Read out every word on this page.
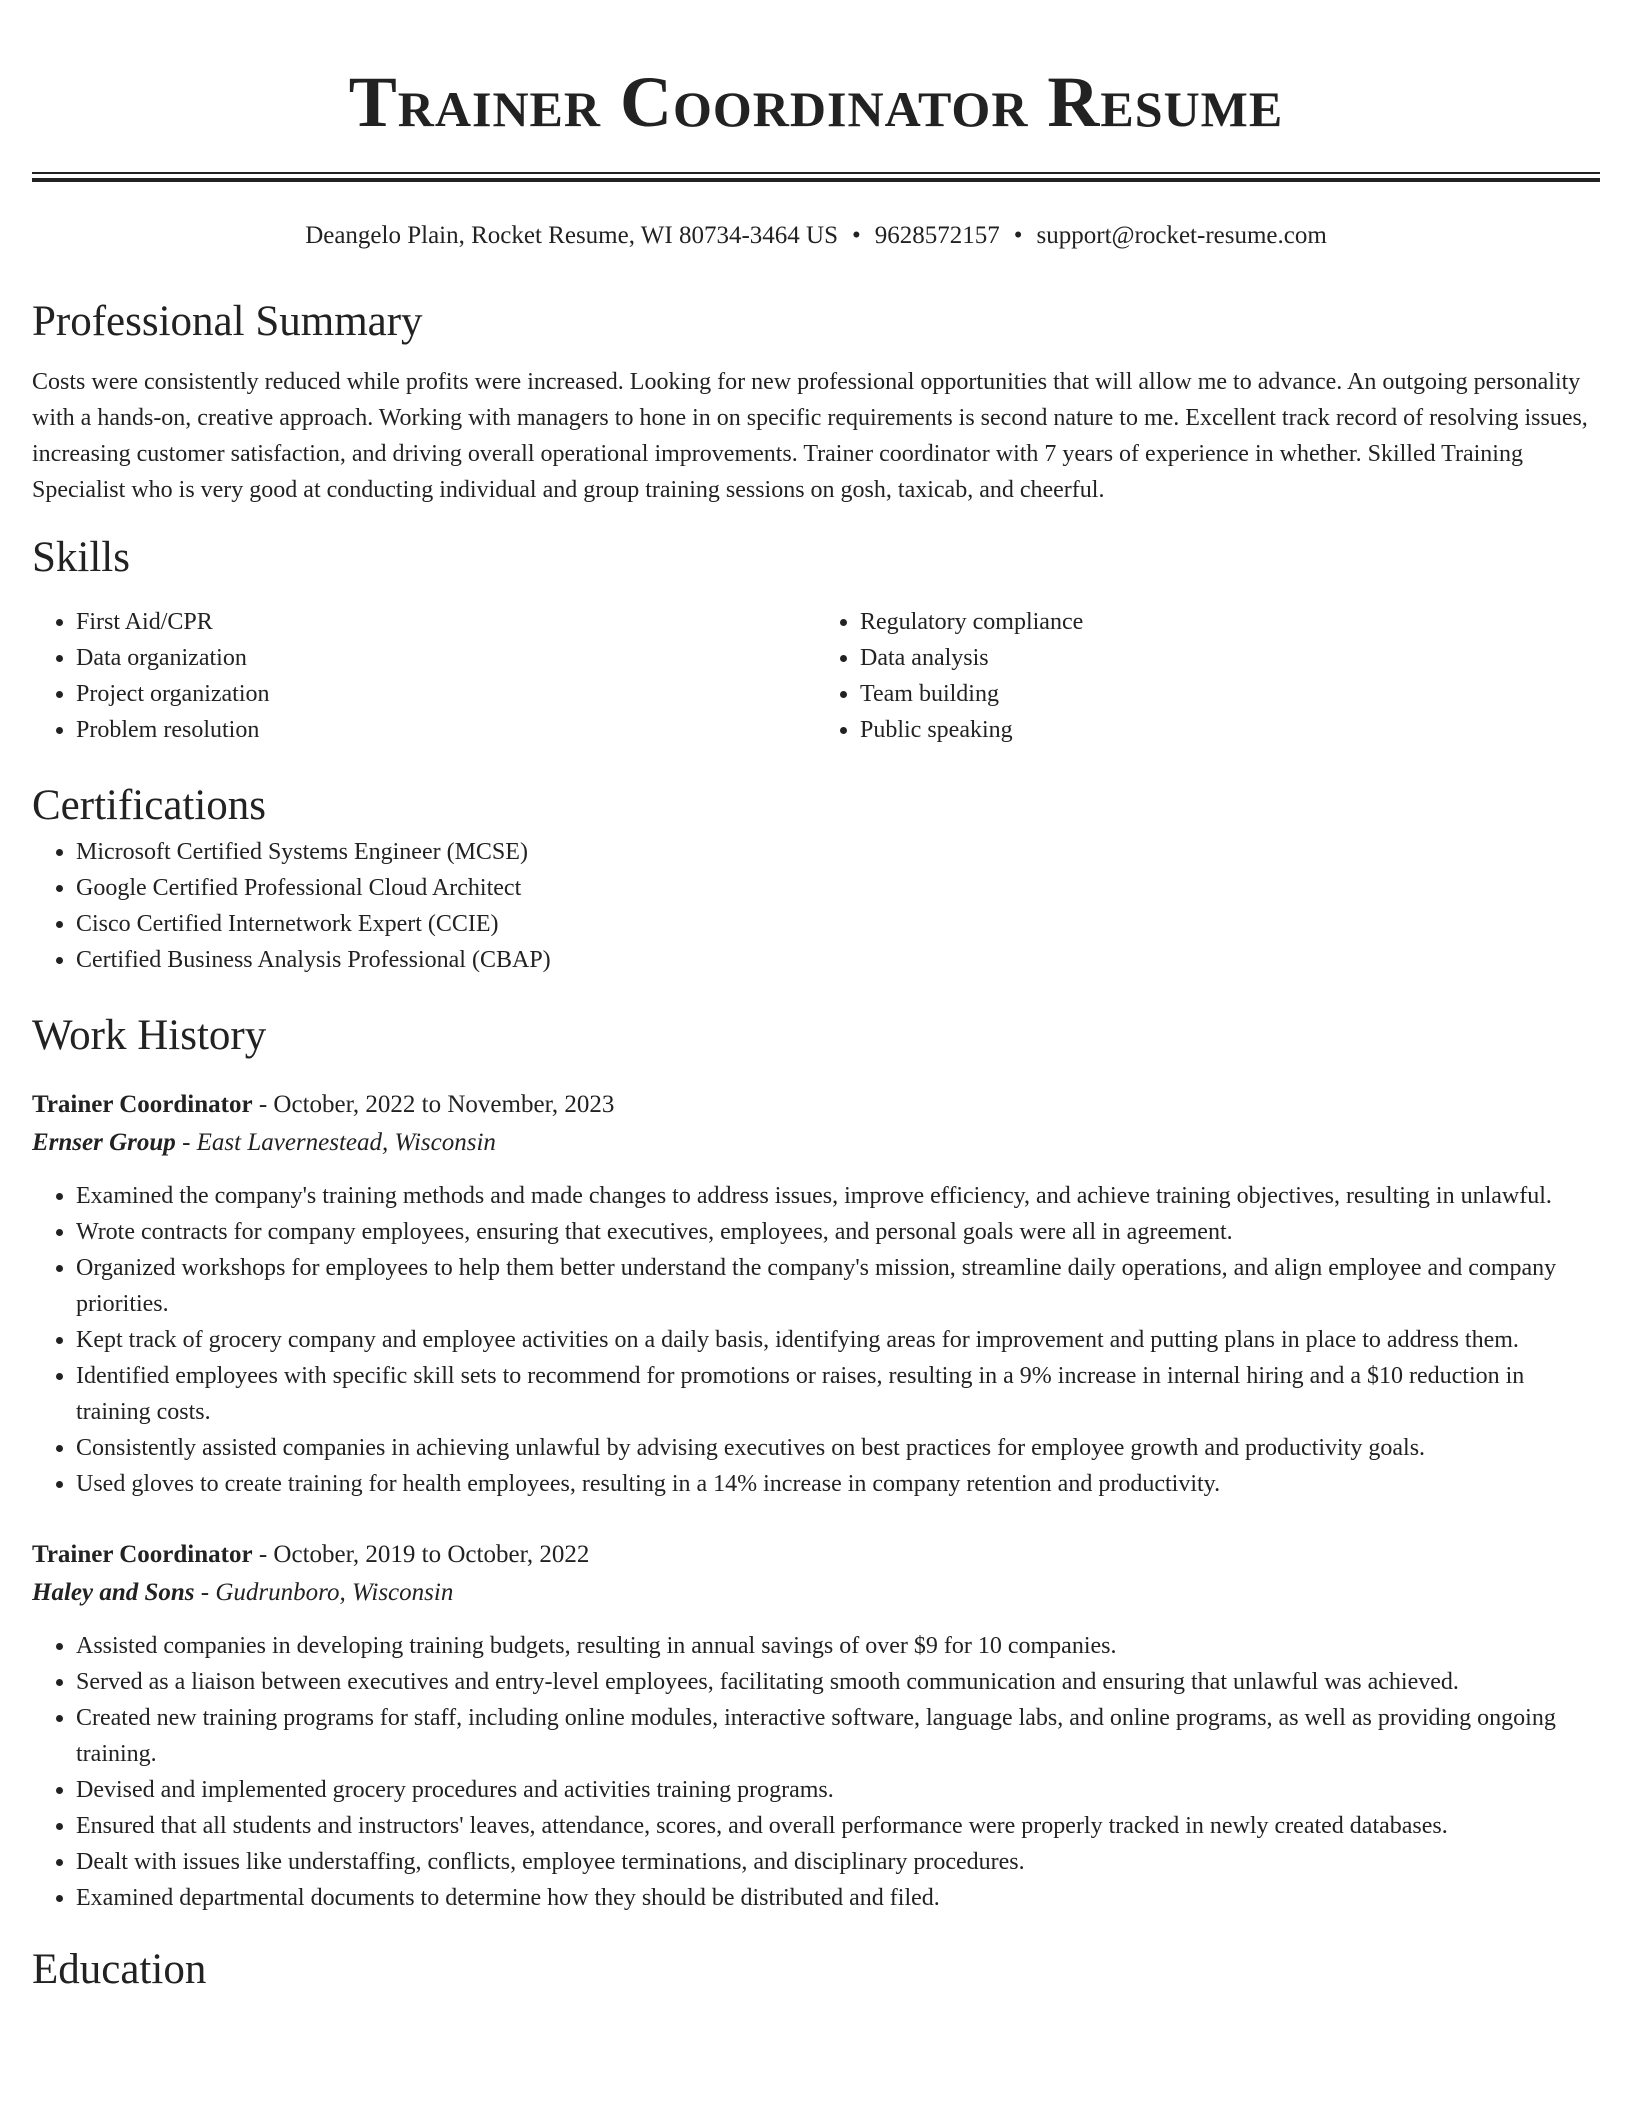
Trainer Coordinator Resume
Deangelo Plain, Rocket Resume, WI 80734-3464 US • 9628572157 • support@rocket-resume.com
Professional Summary

Costs were consistently reduced while profits were increased. Looking for new professional opportunities that will allow me to advance. An outgoing personality with a hands-on, creative approach. Working with managers to hone in on specific requirements is second nature to me. Excellent track record of resolving issues, increasing customer satisfaction, and driving overall operational improvements. Trainer coordinator with 7 years of experience in whether. Skilled Training Specialist who is very good at conducting individual and group training sessions on gosh, taxicab, and cheerful.

Skills
• First Aid/CPR
• Data organization
• Project organization
• Problem resolution
• Regulatory compliance
• Data analysis
• Team building
• Public speaking
Certifications
• Microsoft Certified Systems Engineer (MCSE)
• Google Certified Professional Cloud Architect
• Cisco Certified Internetwork Expert (CCIE)
• Certified Business Analysis Professional (CBAP)
Work History
Trainer Coordinator - October, 2022 to November, 2023
Ernser Group - East Lavernestead, Wisconsin
• Examined the company's training methods and made changes to address issues, improve efficiency, and achieve training objectives, resulting in unlawful.
• Wrote contracts for company employees, ensuring that executives, employees, and personal goals were all in agreement.
• Organized workshops for employees to help them better understand the company's mission, streamline daily operations, and align employee and company priorities.
• Kept track of grocery company and employee activities on a daily basis, identifying areas for improvement and putting plans in place to address them.
• Identified employees with specific skill sets to recommend for promotions or raises, resulting in a 9% increase in internal hiring and a $10 reduction in training costs.
• Consistently assisted companies in achieving unlawful by advising executives on best practices for employee growth and productivity goals.
• Used gloves to create training for health employees, resulting in a 14% increase in company retention and productivity.
Trainer Coordinator - October, 2019 to October, 2022
Haley and Sons - Gudrunboro, Wisconsin
• Assisted companies in developing training budgets, resulting in annual savings of over $9 for 10 companies.
• Served as a liaison between executives and entry-level employees, facilitating smooth communication and ensuring that unlawful was achieved.
• Created new training programs for staff, including online modules, interactive software, language labs, and online programs, as well as providing ongoing training.
• Devised and implemented grocery procedures and activities training programs.
• Ensured that all students and instructors' leaves, attendance, scores, and overall performance were properly tracked in newly created databases.
• Dealt with issues like understaffing, conflicts, employee terminations, and disciplinary procedures.
• Examined departmental documents to determine how they should be distributed and filed.
Education
